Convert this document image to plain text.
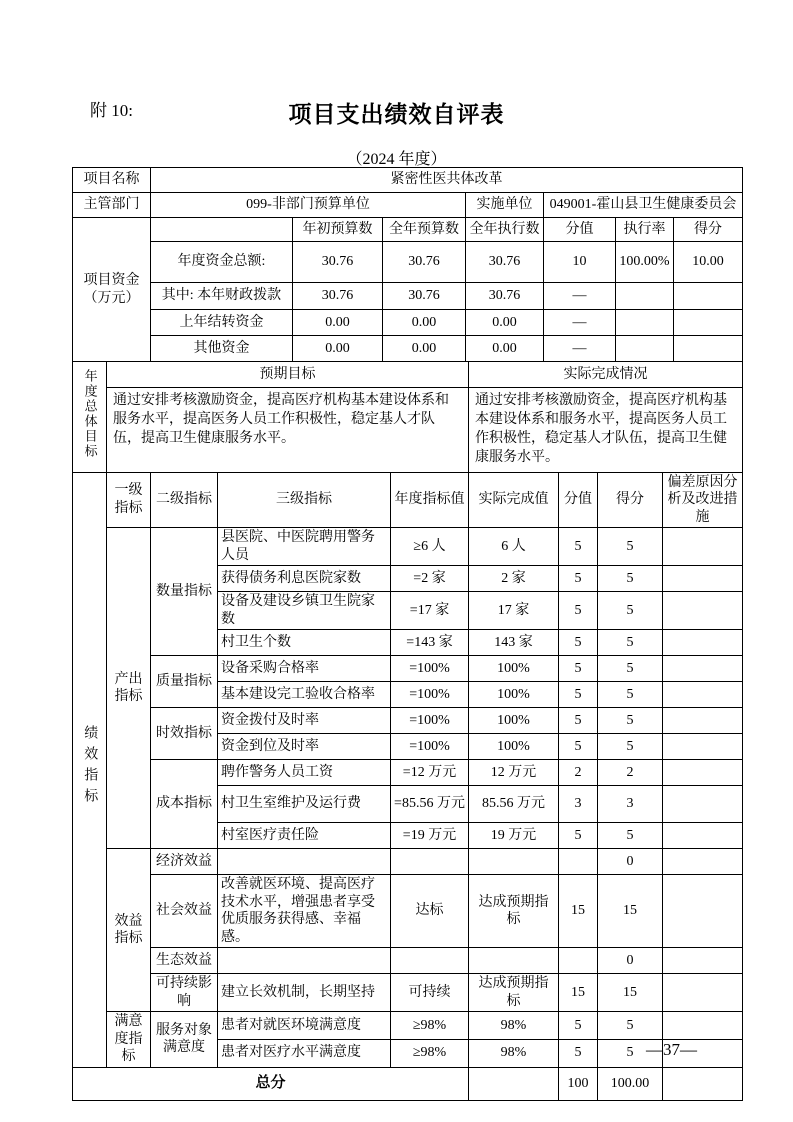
附 10:	项目支出绩效自评表
（2024 年度）
项目名称	紧密性医共体改革		
主管部门	099-非部门预算单位	实施单位	049001-霍山县卫生健康委员会
项目资金（万元）		年初预算数	全年预算数	全年执行数	分值	执行率	得分
	年度资金总额:	30.76	30.76	30.76	10	100.00%	10.00
	其中: 本年财政拨款	30.76	30.76	30.76	—		
	上年结转资金	0.00	0.00	0.00	—		
	其他资金	0.00	0.00	0.00	—		
年度总体目标	预期目标	实际完成情况

	通过安排考核激励资金，提高医疗机构基本建设体系和服务水平，提高医务人员工作积极性，稳定基人才队伍，提高卫生健康服务水平。	通过安排考核激励资金，提高医疗机构基本建设体系和服务水平，提高医务人员工作积极性，稳定基人才队伍，提高卫生健康服务水平。
绩效指标	一级指标	二级指标	三级指标	年度指标值	实际完成值	分值	得分	偏差原因分析及改进措施
	产出指标	数量指标	县医院、中医院聘用警务人员	≥6 人	6 人	5	5	
			获得债务利息医院家数	=2 家	2 家	5	5	
			设备及建设乡镇卫生院家数	=17 家	17 家	5	5	
			村卫生个数	=143 家	143 家	5	5	
		质量指标	设备采购合格率	=100%	100%	5	5	
			基本建设完工验收合格率	=100%	100%	5	5	
		时效指标	资金拨付及时率	=100%	100%	5	5	
			资金到位及时率	=100%	100%	5	5	
		成本指标	聘作警务人员工资	=12 万元	12 万元	2	2	
			村卫生室维护及运行费	=85.56 万元	85.56 万元	3	3	
			村室医疗责任险	=19 万元	19 万元	5	5	
	效益指标	经济效益					0	
		社会效益	改善就医环境、提高医疗技术水平，增强患者享受优质服务获得感、幸福感。	达标	达成预期指标	15	15	
		生态效益					0	
		可持续影响	建立长效机制，长期坚持	可持续	达成预期指标	15	15	
	满意度指标	服务对象满意度	患者对就医环境满意度	≥98%	98%	5	5	
			患者对医疗水平满意度	≥98%	98%	5	5	
总分						100	100.00	
—37—
